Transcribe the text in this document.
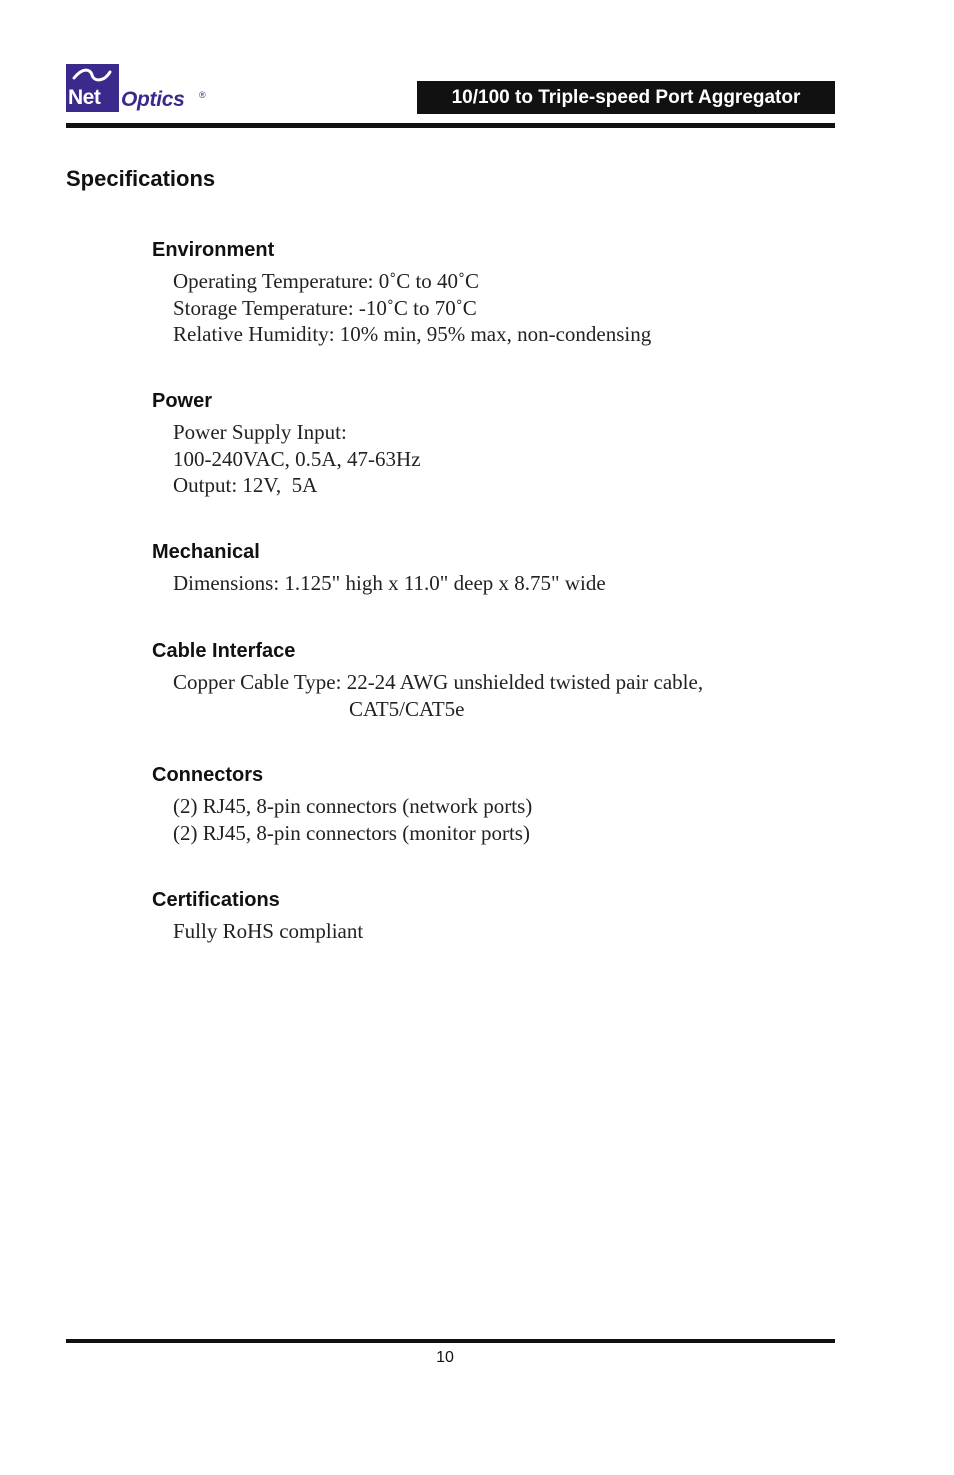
Net Optics ®	10/100 to Triple-speed Port Aggregator
Specifications
Environment
Operating Temperature: 0˚C to 40˚C
Storage Temperature: -10˚C to 70˚C
Relative Humidity: 10% min, 95% max, non-condensing
Power
Power Supply Input:
100-240VAC, 0.5A, 47-63Hz
Output: 12V,  5A
Mechanical
Dimensions: 1.125" high x 11.0" deep x 8.75" wide
Cable Interface
Copper Cable Type: 22-24 AWG unshielded twisted pair cable,
CAT5/CAT5e
Connectors
(2) RJ45, 8-pin connectors (network ports)
(2) RJ45, 8-pin connectors (monitor ports)
Certifications
Fully RoHS compliant
10
